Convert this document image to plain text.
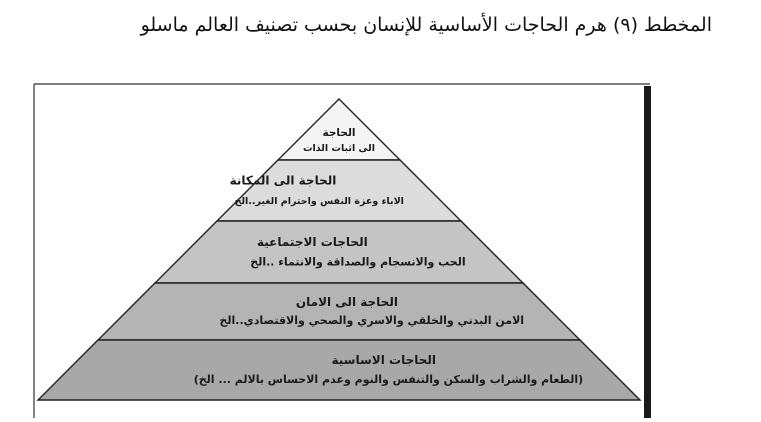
المخطط (٩) هرم الحاجات الأساسية للإنسان بحسب تصنيف العالم ماسلو
الحاجة
الى اثبات الذات
الحاجة الى المكانة
الاباء وعزة النفس واحترام الغير..الخ
الحاجات الاجتماعية
الحب والانسجام والصداقة والانتماء ..الخ
الحاجة الى الامان
الامن البدني والخلقي والاسري والصحي والاقتصادي..الخ
الحاجات الاساسية
(الطعام والشراب والسكن والتنفس والنوم وعدم الاحساس بالالم ... الخ)
